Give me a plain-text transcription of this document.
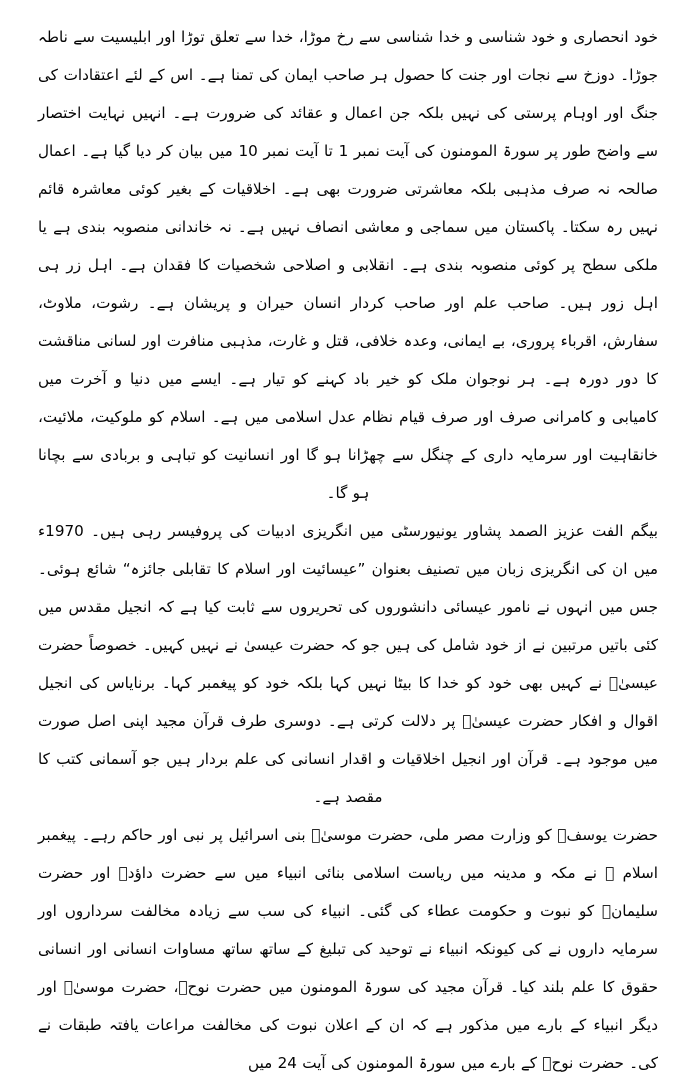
خود انحصاری و خود شناسی و خدا شناسی سے رخ موڑا، خدا سے تعلق توڑا اور ابلیسیت سے ناطہ جوڑا۔ دوزخ سے نجات اور جنت کا حصول ہر صاحب ایمان کی تمنا ہے۔ اس کے لئے اعتقادات کی جنگ اور اوہام پرستی کی نہیں بلکہ جن اعمال و عقائد کی ضرورت ہے۔ انہیں نہایت اختصار سے واضح طور پر سورۃ المومنون کی آیت نمبر 1 تا آیت نمبر 10 میں بیان کر دیا گیا ہے۔ اعمال صالحہ نہ صرف مذہبی بلکہ معاشرتی ضرورت بھی ہے۔ اخلاقیات کے بغیر کوئی معاشرہ قائم نہیں رہ سکتا۔ پاکستان میں سماجی و معاشی انصاف نہیں ہے۔ نہ خاندانی منصوبہ بندی ہے یا ملکی سطح پر کوئی منصوبہ بندی ہے۔ انقلابی و اصلاحی شخصیات کا فقدان ہے۔ اہل زر ہی اہل زور ہیں۔ صاحب علم اور صاحب کردار انسان حیران و پریشان ہے۔ رشوت، ملاوٹ، سفارش، اقرباء پروری، بے ایمانی، وعدہ خلافی، قتل و غارت، مذہبی منافرت اور لسانی مناقشت کا دور دورہ ہے۔ ہر نوجوان ملک کو خیر باد کہنے کو تیار ہے۔ ایسے میں دنیا و آخرت میں کامیابی و کامرانی صرف اور صرف قیام نظام عدل اسلامی میں ہے۔ اسلام کو ملوکیت، ملائیت، خانقاہیت اور سرمایہ داری کے چنگل سے چھڑانا ہو گا اور انسانیت کو تباہی و بربادی سے بچانا ہو گا۔

بیگم الفت عزیز الصمد پشاور یونیورسٹی میں انگریزی ادبیات کی پروفیسر رہی ہیں۔ 1970ء میں ان کی انگریزی زبان میں تصنیف بعنوان ”عیسائیت اور اسلام کا تقابلی جائزہ“ شائع ہوئی۔ جس میں انہوں نے نامور عیسائی دانشوروں کی تحریروں سے ثابت کیا ہے کہ انجیل مقدس میں کئی باتیں مرتبین نے از خود شامل کی ہیں جو کہ حضرت عیسیٰ نے نہیں کہیں۔ خصوصاً حضرت عیسیٰؑ نے کہیں بھی خود کو خدا کا بیٹا نہیں کہا بلکہ خود کو پیغمبر کہا۔ برنایاس کی انجیل اقوال و افکار حضرت عیسیٰؑ پر دلالت کرتی ہے۔ دوسری طرف قرآن مجید اپنی اصل صورت میں موجود ہے۔ قرآن اور انجیل اخلاقیات و اقدار انسانی کی علم بردار ہیں جو آسمانی کتب کا مقصد ہے۔

حضرت یوسفؑ کو وزارت مصر ملی، حضرت موسیٰؑ بنی اسرائیل پر نبی اور حاکم رہے۔ پیغمبر اسلام ﷺ نے مکہ و مدینہ میں ریاست اسلامی بنائی انبیاء میں سے حضرت داؤدؑ اور حضرت سلیمانؑ کو نبوت و حکومت عطاء کی گئی۔ انبیاء کی سب سے زیادہ مخالفت سرداروں اور سرمایہ داروں نے کی کیونکہ انبیاء نے توحید کی تبلیغ کے ساتھ ساتھ مساوات انسانی اور انسانی حقوق کا علم بلند کیا۔ قرآن مجید کی سورۃ المومنون میں حضرت نوحؑ، حضرت موسیٰؑ اور دیگر انبیاء کے بارے میں مذکور ہے کہ ان کے اعلان نبوت کی مخالفت مراعات یافتہ طبقات نے کی۔ حضرت نوحؑ کے بارے میں سورۃ المومنون کی آیت 24 میں
